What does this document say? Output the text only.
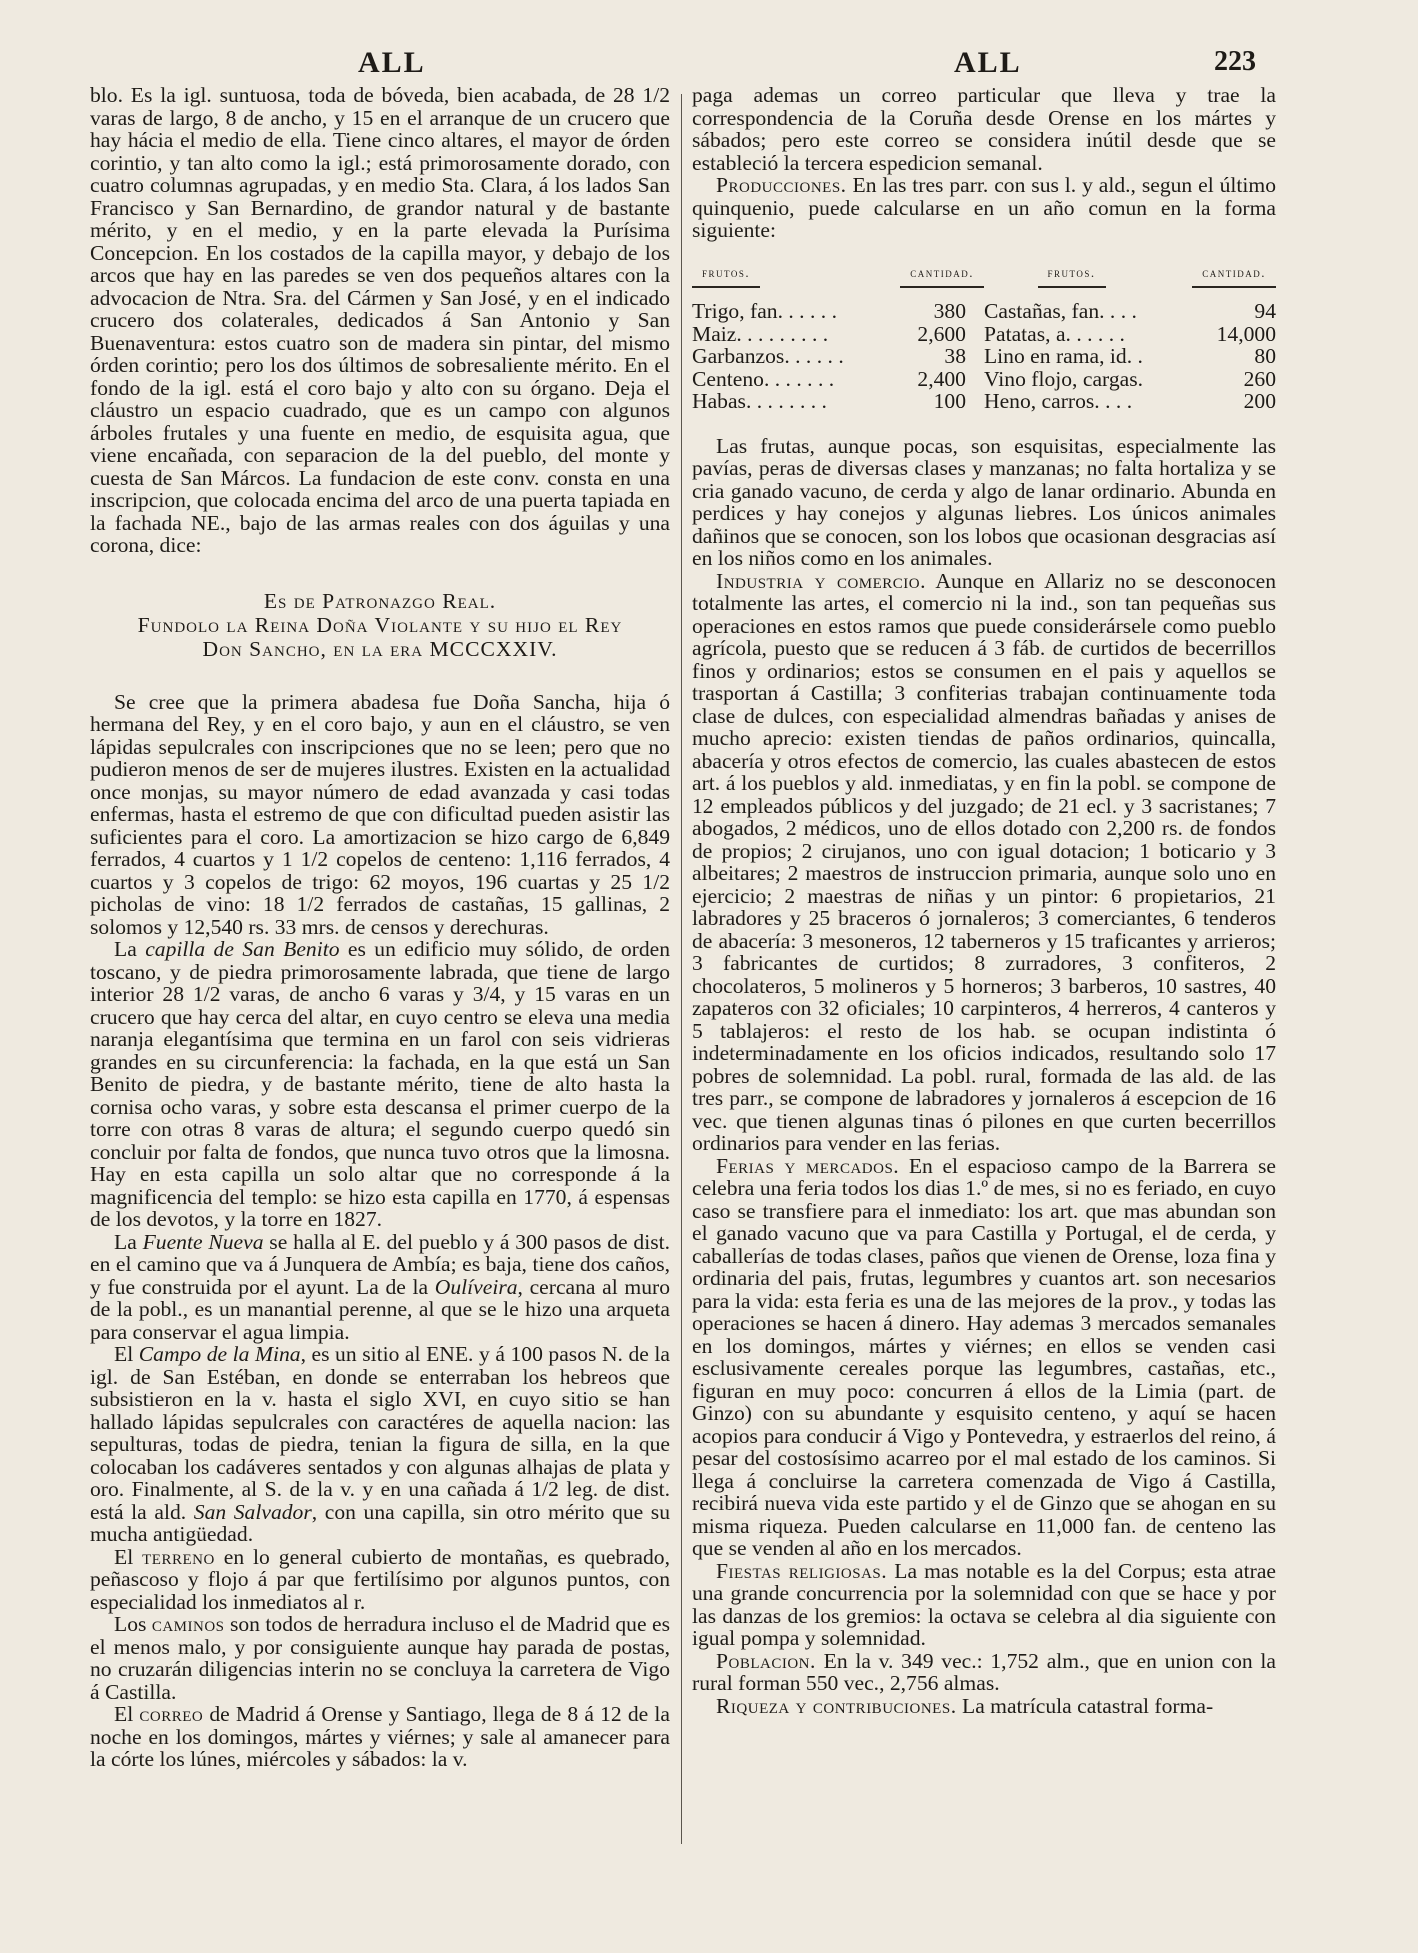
ALL	ALL	223

blo. Es la igl. suntuosa, toda de bóveda, bien acabada, de 28 1/2 varas de largo, 8 de ancho, y 15 en el arranque de un crucero que hay hácia el medio de ella. Tiene cinco altares, el mayor de órden corintio, y tan alto como la igl.; está primorosamente dorado, con cuatro columnas agrupadas, y en medio Sta. Clara, á los lados San Francisco y San Bernardino, de grandor natural y de bastante mérito, y en el medio, y en la parte elevada la Purísima Concepcion. En los costados de la capilla mayor, y debajo de los arcos que hay en las paredes se ven dos pequeños altares con la advocacion de Ntra. Sra. del Cármen y San José, y en el indicado crucero dos colaterales, dedicados á San Antonio y San Buenaventura: estos cuatro son de madera sin pintar, del mismo órden corintio; pero los dos últimos de sobresaliente mérito. En el fondo de la igl. está el coro bajo y alto con su órgano. Deja el cláustro un espacio cuadrado, que es un campo con algunos árboles frutales y una fuente en medio, de esquisita agua, que viene encañada, con separacion de la del pueblo, del monte y cuesta de San Márcos. La fundacion de este conv. consta en una inscripcion, que colocada encima del arco de una puerta tapiada en la fachada NE., bajo de las armas reales con dos águilas y una corona, dice:

Es de Patronazgo Real.
Fundolo la Reina Doña Violante y su hijo el Rey
Don Sancho, en la era MCCCXXIV.

Se cree que la primera abadesa fue Doña Sancha, hija ó hermana del Rey, y en el coro bajo, y aun en el cláustro, se ven lápidas sepulcrales con inscripciones que no se leen; pero que no pudieron menos de ser de mujeres ilustres. Existen en la actualidad once monjas, su mayor número de edad avanzada y casi todas enfermas, hasta el estremo de que con dificultad pueden asistir las suficientes para el coro. La amortizacion se hizo cargo de 6,849 ferrados, 4 cuartos y 1 1/2 copelos de centeno: 1,116 ferrados, 4 cuartos y 3 copelos de trigo: 62 moyos, 196 cuartas y 25 1/2 picholas de vino: 18 1/2 ferrados de castañas, 15 gallinas, 2 solomos y 12,540 rs. 33 mrs. de censos y derechuras.

La capilla de San Benito es un edificio muy sólido, de orden toscano, y de piedra primorosamente labrada, que tiene de largo interior 28 1/2 varas, de ancho 6 varas y 3/4, y 15 varas en un crucero que hay cerca del altar, en cuyo centro se eleva una media naranja elegantísima que termina en un farol con seis vidrieras grandes en su circunferencia: la fachada, en la que está un San Benito de piedra, y de bastante mérito, tiene de alto hasta la cornisa ocho varas, y sobre esta descansa el primer cuerpo de la torre con otras 8 varas de altura; el segundo cuerpo quedó sin concluir por falta de fondos, que nunca tuvo otros que la limosna. Hay en esta capilla un solo altar que no corresponde á la magnificencia del templo: se hizo esta capilla en 1770, á espensas de los devotos, y la torre en 1827.

La Fuente Nueva se halla al E. del pueblo y á 300 pasos de dist. en el camino que va á Junquera de Ambía; es baja, tiene dos caños, y fue construida por el ayunt. La de la Oulíveira, cercana al muro de la pobl., es un manantial perenne, al que se le hizo una arqueta para conservar el agua limpia.

El Campo de la Mina, es un sitio al ENE. y á 100 pasos N. de la igl. de San Estéban, en donde se enterraban los hebreos que subsistieron en la v. hasta el siglo XVI, en cuyo sitio se han hallado lápidas sepulcrales con caractéres de aquella nacion: las sepulturas, todas de piedra, tenian la figura de silla, en la que colocaban los cadáveres sentados y con algunas alhajas de plata y oro. Finalmente, al S. de la v. y en una cañada á 1/2 leg. de dist. está la ald. San Salvador, con una capilla, sin otro mérito que su mucha antigüedad.

El terreno en lo general cubierto de montañas, es quebrado, peñascoso y flojo á par que fertilísimo por algunos puntos, con especialidad los inmediatos al r.

Los caminos son todos de herradura incluso el de Madrid que es el menos malo, y por consiguiente aunque hay parada de postas, no cruzarán diligencias interin no se concluya la carretera de Vigo á Castilla.

El correo de Madrid á Orense y Santiago, llega de 8 á 12 de la noche en los domingos, mártes y viérnes; y sale al amanecer para la córte los lúnes, miércoles y sábados: la v.

paga ademas un correo particular que lleva y trae la correspondencia de la Coruña desde Orense en los mártes y sábados; pero este correo se considera inútil desde que se estableció la tercera espedicion semanal.

Producciones. En las tres parr. con sus l. y ald., segun el último quinquenio, puede calcularse en un año comun en la forma siguiente:

frutos.	cantidad.	frutos.	cantidad.
Trigo, fan. . . . . .	380	Castañas, fan. . . .	94
Maiz. . . . . . . . .	2,600	Patatas, a. . . . . .	14,000
Garbanzos. . . . . .	38	Lino en rama, id. .	80
Centeno. . . . . . .	2,400	Vino flojo, cargas.	260
Habas. . . . . . . .	100	Heno, carros. . . .	200

Las frutas, aunque pocas, son esquisitas, especialmente las pavías, peras de diversas clases y manzanas; no falta hortaliza y se cria ganado vacuno, de cerda y algo de lanar ordinario. Abunda en perdices y hay conejos y algunas liebres. Los únicos animales dañinos que se conocen, son los lobos que ocasionan desgracias así en los niños como en los animales.

Industria y comercio. Aunque en Allariz no se desconocen totalmente las artes, el comercio ni la ind., son tan pequeñas sus operaciones en estos ramos que puede considerársele como pueblo agrícola, puesto que se reducen á 3 fáb. de curtidos de becerrillos finos y ordinarios; estos se consumen en el pais y aquellos se trasportan á Castilla; 3 confiterias trabajan continuamente toda clase de dulces, con especialidad almendras bañadas y anises de mucho aprecio: existen tiendas de paños ordinarios, quincalla, abacería y otros efectos de comercio, las cuales abastecen de estos art. á los pueblos y ald. inmediatas, y en fin la pobl. se compone de 12 empleados públicos y del juzgado; de 21 ecl. y 3 sacristanes; 7 abogados, 2 médicos, uno de ellos dotado con 2,200 rs. de fondos de propios; 2 cirujanos, uno con igual dotacion; 1 boticario y 3 albeitares; 2 maestros de instruccion primaria, aunque solo uno en ejercicio; 2 maestras de niñas y un pintor: 6 propietarios, 21 labradores y 25 braceros ó jornaleros; 3 comerciantes, 6 tenderos de abacería: 3 mesoneros, 12 taberneros y 15 traficantes y arrieros; 3 fabricantes de curtidos; 8 zurradores, 3 confiteros, 2 chocolateros, 5 molineros y 5 horneros; 3 barberos, 10 sastres, 40 zapateros con 32 oficiales; 10 carpinteros, 4 herreros, 4 canteros y 5 tablajeros: el resto de los hab. se ocupan indistinta ó indeterminadamente en los oficios indicados, resultando solo 17 pobres de solemnidad. La pobl. rural, formada de las ald. de las tres parr., se compone de labradores y jornaleros á escepcion de 16 vec. que tienen algunas tinas ó pilones en que curten becerrillos ordinarios para vender en las ferias.

Ferias y mercados. En el espacioso campo de la Barrera se celebra una feria todos los dias 1.º de mes, si no es feriado, en cuyo caso se transfiere para el inmediato: los art. que mas abundan son el ganado vacuno que va para Castilla y Portugal, el de cerda, y caballerías de todas clases, paños que vienen de Orense, loza fina y ordinaria del pais, frutas, legumbres y cuantos art. son necesarios para la vida: esta feria es una de las mejores de la prov., y todas las operaciones se hacen á dinero. Hay ademas 3 mercados semanales en los domingos, mártes y viérnes; en ellos se venden casi esclusivamente cereales porque las legumbres, castañas, etc., figuran en muy poco: concurren á ellos de la Limia (part. de Ginzo) con su abundante y esquisito centeno, y aquí se hacen acopios para conducir á Vigo y Pontevedra, y estraerlos del reino, á pesar del costosísimo acarreo por el mal estado de los caminos. Si llega á concluirse la carretera comenzada de Vigo á Castilla, recibirá nueva vida este partido y el de Ginzo que se ahogan en su misma riqueza. Pueden calcularse en 11,000 fan. de centeno las que se venden al año en los mercados.

Fiestas religiosas. La mas notable es la del Corpus; esta atrae una grande concurrencia por la solemnidad con que se hace y por las danzas de los gremios: la octava se celebra al dia siguiente con igual pompa y solemnidad.

Poblacion. En la v. 349 vec.: 1,752 alm., que en union con la rural forman 550 vec., 2,756 almas.

Riqueza y contribuciones. La matrícula catastral forma-
